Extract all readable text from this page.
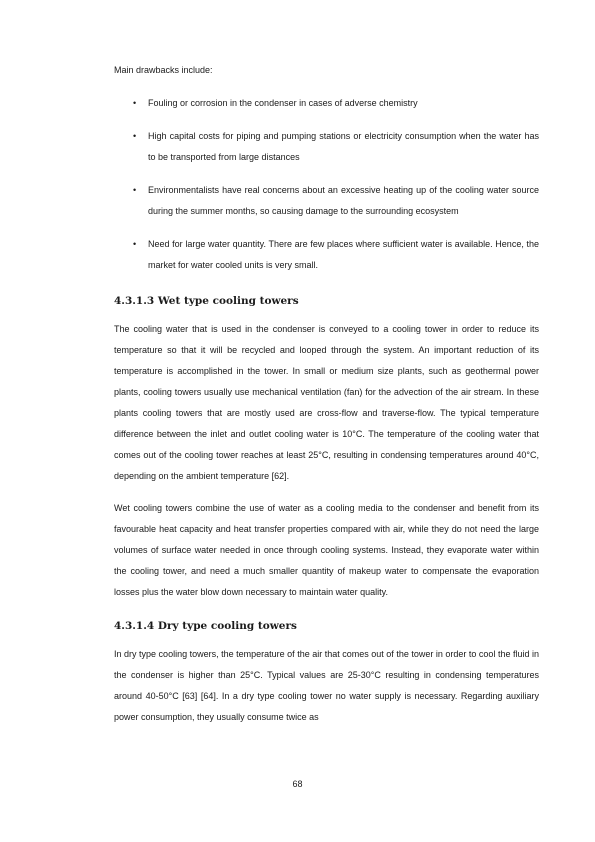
Main drawbacks include:

• Fouling or corrosion in the condenser in cases of adverse chemistry
• High capital costs for piping and pumping stations or electricity consumption when the water has to be transported from large distances
• Environmentalists have real concerns about an excessive heating up of the cooling water source during the summer months, so causing damage to the surrounding ecosystem
• Need for large water quantity. There are few places where sufficient water is available. Hence, the market for water cooled units is very small.
4.3.1.3 Wet type cooling towers

The cooling water that is used in the condenser is conveyed to a cooling tower in order to reduce its temperature so that it will be recycled and looped through the system. An important reduction of its temperature is accomplished in the tower. In small or medium size plants, such as geothermal power plants, cooling towers usually use mechanical ventilation (fan) for the advection of the air stream. In these plants cooling towers that are mostly used are cross-flow and traverse-flow. The typical temperature difference between the inlet and outlet cooling water is 10°C. The temperature of the cooling water that comes out of the cooling tower reaches at least 25°C, resulting in condensing temperatures around 40°C, depending on the ambient temperature [62].

Wet cooling towers combine the use of water as a cooling media to the condenser and benefit from its favourable heat capacity and heat transfer properties compared with air, while they do not need the large volumes of surface water needed in once through cooling systems. Instead, they evaporate water within the cooling tower, and need a much smaller quantity of makeup water to compensate the evaporation losses plus the water blow down necessary to maintain water quality.

4.3.1.4 Dry type cooling towers

In dry type cooling towers, the temperature of the air that comes out of the tower in order to cool the fluid in the condenser is higher than 25°C. Typical values are 25-30°C resulting in condensing temperatures around 40-50°C [63] [64]. In a dry type cooling tower no water supply is necessary. Regarding auxiliary power consumption, they usually consume twice as

68
